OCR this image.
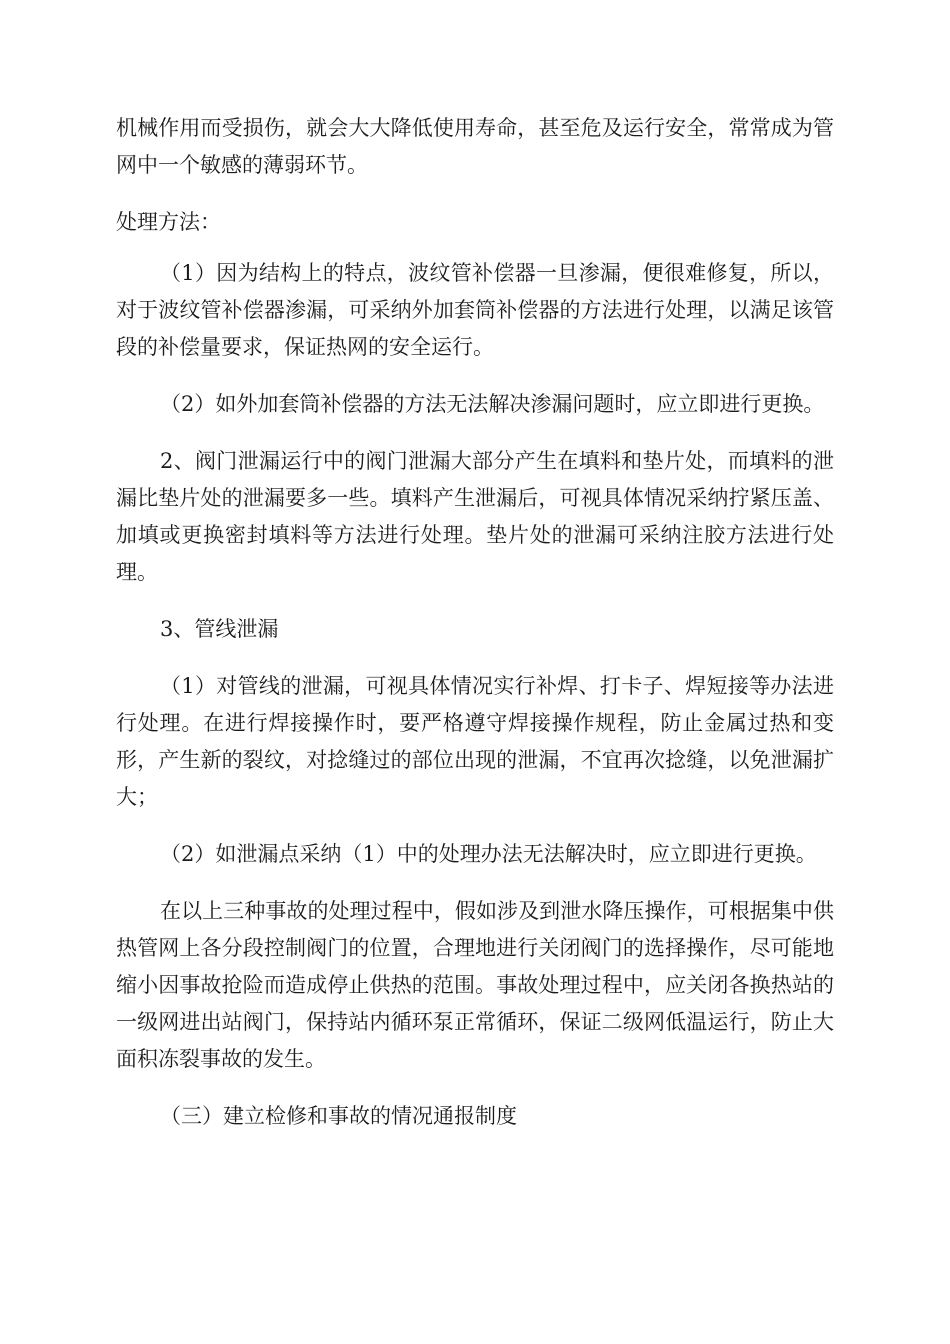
机械作用而受损伤，就会大大降低使用寿命，甚至危及运行安全，常常成为管网中一个敏感的薄弱环节。

处理方法：

（1）因为结构上的特点，波纹管补偿器一旦渗漏，便很难修复，所以，对于波纹管补偿器渗漏，可采纳外加套筒补偿器的方法进行处理，以满足该管段的补偿量要求，保证热网的安全运行。

（2）如外加套筒补偿器的方法无法解决渗漏问题时，应立即进行更换。

2、阀门泄漏运行中的阀门泄漏大部分产生在填料和垫片处，而填料的泄漏比垫片处的泄漏要多一些。填料产生泄漏后，可视具体情况采纳拧紧压盖、加填或更换密封填料等方法进行处理。垫片处的泄漏可采纳注胶方法进行处理。

3、管线泄漏

（1）对管线的泄漏，可视具体情况实行补焊、打卡子、焊短接等办法进行处理。在进行焊接操作时，要严格遵守焊接操作规程，防止金属过热和变形，产生新的裂纹，对捻缝过的部位出现的泄漏，不宜再次捻缝，以免泄漏扩大；

（2）如泄漏点采纳（1）中的处理办法无法解决时，应立即进行更换。

在以上三种事故的处理过程中，假如涉及到泄水降压操作，可根据集中供热管网上各分段控制阀门的位置，合理地进行关闭阀门的选择操作，尽可能地缩小因事故抢险而造成停止供热的范围。事故处理过程中，应关闭各换热站的一级网进出站阀门，保持站内循环泵正常循环，保证二级网低温运行，防止大面积冻裂事故的发生。

（三）建立检修和事故的情况通报制度
